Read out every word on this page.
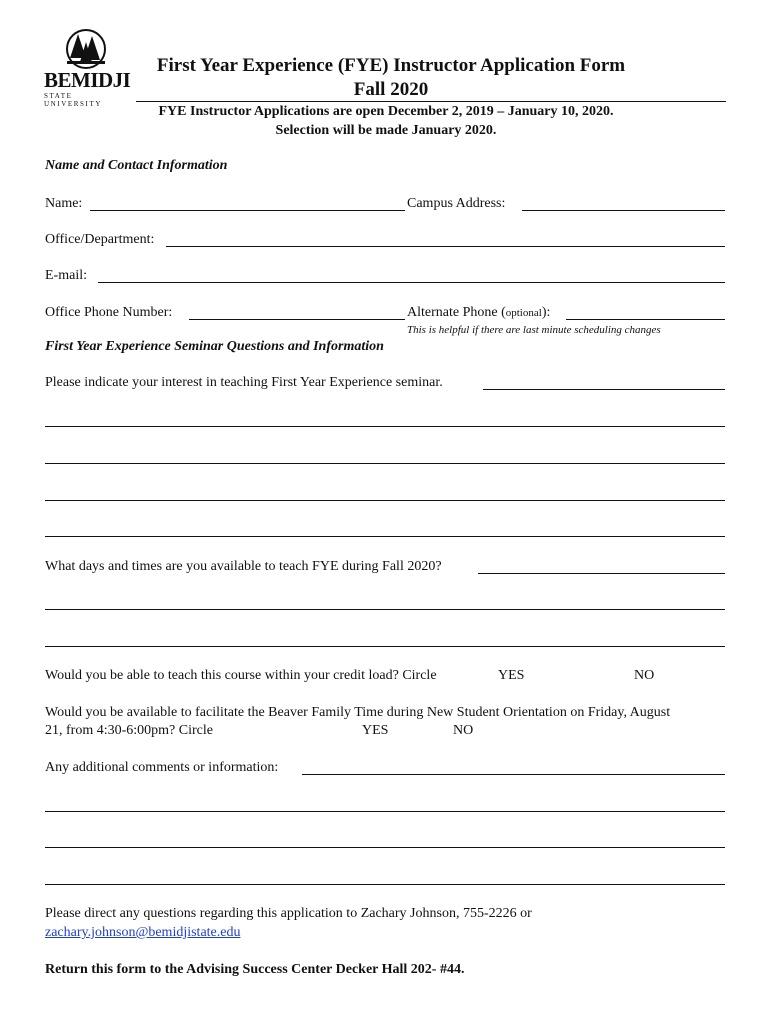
BEMIDJI
STATE UNIVERSITY
First Year Experience (FYE) Instructor Application Form
Fall 2020
FYE Instructor Applications are open December 2, 2019 – January 10, 2020.
Selection will be made January 2020.
Name and Contact Information
Name:	Campus Address:
Office/Department:
E-mail:
Office Phone Number:	Alternate Phone (optional):
This is helpful if there are last minute scheduling changes
First Year Experience Seminar Questions and Information
Please indicate your interest in teaching First Year Experience seminar.
What days and times are you available to teach FYE during Fall 2020?
Would you be able to teach this course within your credit load? Circle	YES	NO
Would you be available to facilitate the Beaver Family Time during New Student Orientation on Friday, August
21, from 4:30-6:00pm? Circle	YES	NO
Any additional comments or information:
Please direct any questions regarding this application to Zachary Johnson, 755-2226 or
zachary.johnson@bemidjistate.edu
Return this form to the Advising Success Center Decker Hall 202- #44.
